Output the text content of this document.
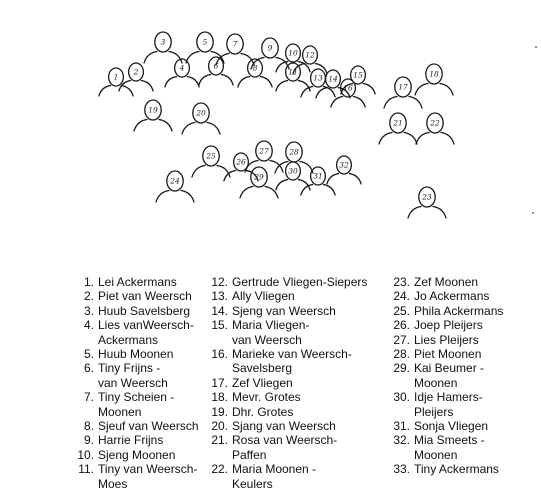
1
2
3
4
5
6
7
8
9
10
11
12
13 14 15
16	17
18
19	20
21	22
23
24
25
26
27	28
29
30
31
32
1. Lei Ackermans
2. Piet van Weersch
3. Huub Savelsberg
4. Lies vanWeersch-
Ackermans
5. Huub Moonen
6. Tiny Frijns -
van Weersch
7. Tiny Scheien -
Moonen
8. Sjeuf van Weersch
9. Harrie Frijns
10. Sjeng Moonen
11. Tiny van Weersch-
Moes
12. Gertrude Vliegen-Siepers
13. Ally Vliegen
14. Sjeng van Weersch
15. Maria Vliegen-
van Weersch
16. Marieke van Weersch-
Savelsberg
17. Zef Vliegen
18. Mevr. Grotes
19. Dhr. Grotes
20. Sjang van Weersch
21. Rosa van Weersch-
Paffen
22. Maria Moonen -
Keulers
23. Zef Moonen
24. Jo Ackermans
25. Phila Ackermans
26. Joep Pleijers
27. Lies Pleijers
28. Piet Moonen
29. Kai Beumer -
Moonen
30. Idje Hamers-
Pleijers
31. Sonja Vliegen
32. Mia Smeets -
Moonen
33. Tiny Ackermans
